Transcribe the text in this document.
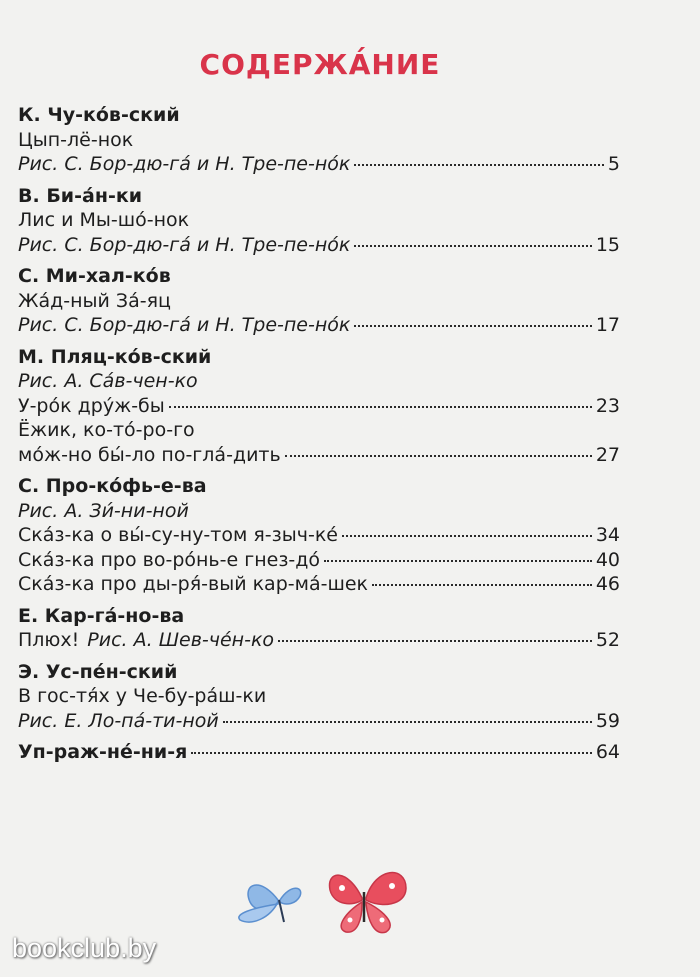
СОДЕРЖА́НИЕ
К. Чу-ко́в-ский
Цып-лё-нок
Рис. С. Бор-дю-га́ и Н. Тре-пе-но́к	5
В. Би-а́н-ки
Лис и Мы-шо́-нок
Рис. С. Бор-дю-га́ и Н. Тре-пе-но́к	15
С. Ми-хал-ко́в
Жа́д-ный За́-яц
Рис. С. Бор-дю-га́ и Н. Тре-пе-но́к	17
М. Пляц-ко́в-ский
Рис. А. Са́в-чен-ко
У-ро́к дру́ж-бы	23
Ёжик, ко-то́-ро-го
мо́ж-но бы́-ло по-гла́-дить	27
С. Про-ко́фь-е-ва
Рис. А. Зи́-ни-ной
Ска́з-ка о вы́-су-ну-том я-зыч-ке́	34
Ска́з-ка про во-ро́нь-е гнез-до́	40
Ска́з-ка про ды-ря́-вый кар-ма́-шек	46
Е. Кар-га́-но-ва
Плюх! Рис. А. Шев-че́н-ко	52
Э. Ус-пе́н-ский
В гос-тя́х у Че-бу-ра́ш-ки
Рис. Е. Ло-па́-ти-ной	59
Уп-раж-не́-ни-я	64
bookclub.by
